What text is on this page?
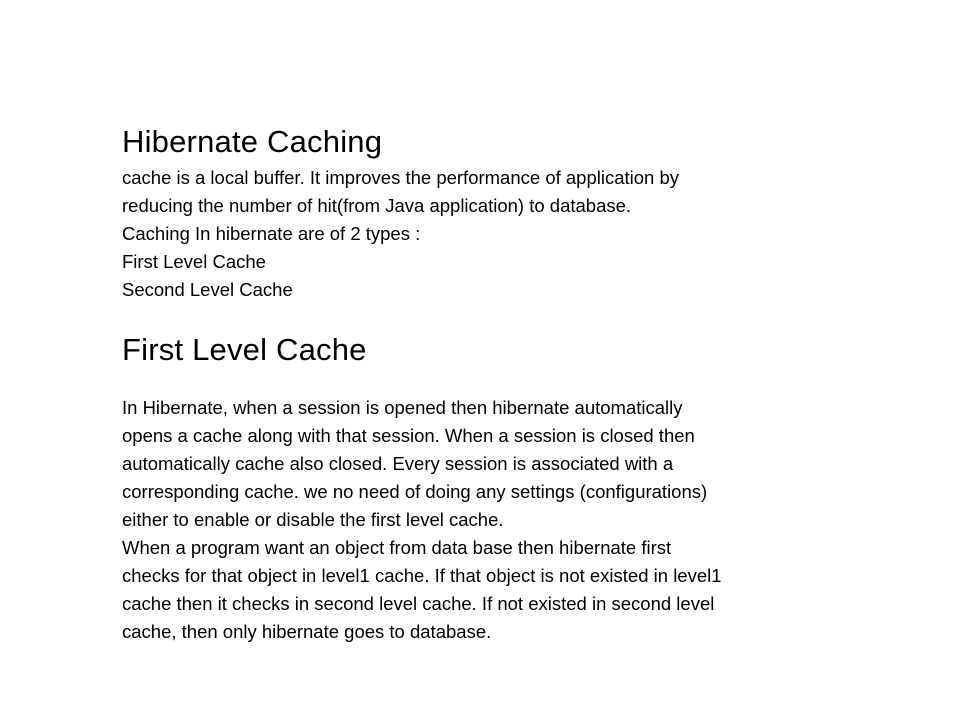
Hibernate Caching
cache is a local buffer. It improves the performance of application by
reducing the number of hit(from Java application) to database.
Caching In hibernate are of 2 types :
First Level Cache
Second Level Cache
First Level Cache
In Hibernate, when a session is opened then hibernate automatically
opens a cache along with that session. When a session is closed then
automatically cache also closed. Every session is associated with a
corresponding cache. we no need of doing any settings (configurations)
either to enable or disable the first level cache.
When a program want an object from data base then hibernate first
checks for that object in level1 cache. If that object is not existed in level1
cache then it checks in second level cache. If not existed in second level
cache, then only hibernate goes to database.
